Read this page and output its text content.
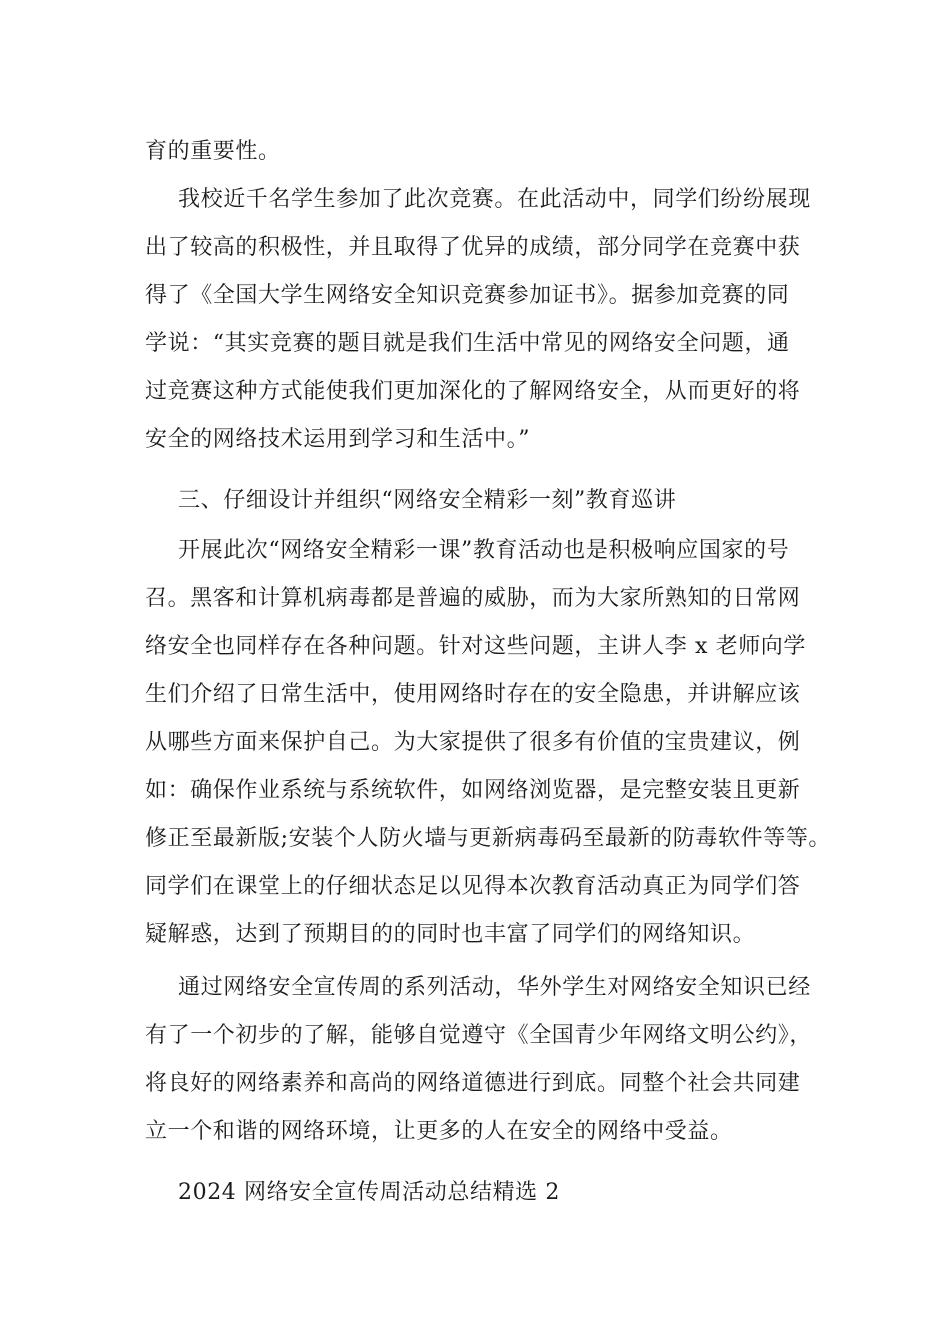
育的重要性。
我校近千名学生参加了此次竞赛。在此活动中，同学们纷纷展现
出了较高的积极性，并且取得了优异的成绩，部分同学在竞赛中获
得了《全国大学生网络安全知识竞赛参加证书》。据参加竞赛的同
学说：“其实竞赛的题目就是我们生活中常见的网络安全问题，通
过竞赛这种方式能使我们更加深化的了解网络安全，从而更好的将
安全的网络技术运用到学习和生活中。”
三、仔细设计并组织“网络安全精彩一刻”教育巡讲
开展此次“网络安全精彩一课”教育活动也是积极响应国家的号
召。黑客和计算机病毒都是普遍的威胁，而为大家所熟知的日常网
络安全也同样存在各种问题。针对这些问题，主讲人李 x 老师向学
生们介绍了日常生活中，使用网络时存在的安全隐患，并讲解应该
从哪些方面来保护自己。为大家提供了很多有价值的宝贵建议，例
如：确保作业系统与系统软件，如网络浏览器，是完整安装且更新
修正至最新版;安装个人防火墙与更新病毒码至最新的防毒软件等等。
同学们在课堂上的仔细状态足以见得本次教育活动真正为同学们答
疑解惑，达到了预期目的的同时也丰富了同学们的网络知识。
通过网络安全宣传周的系列活动，华外学生对网络安全知识已经
有了一个初步的了解，能够自觉遵守《全国青少年网络文明公约》，
将良好的网络素养和高尚的网络道德进行到底。同整个社会共同建
立一个和谐的网络环境，让更多的人在安全的网络中受益。
2024 网络安全宣传周活动总结精选 2
